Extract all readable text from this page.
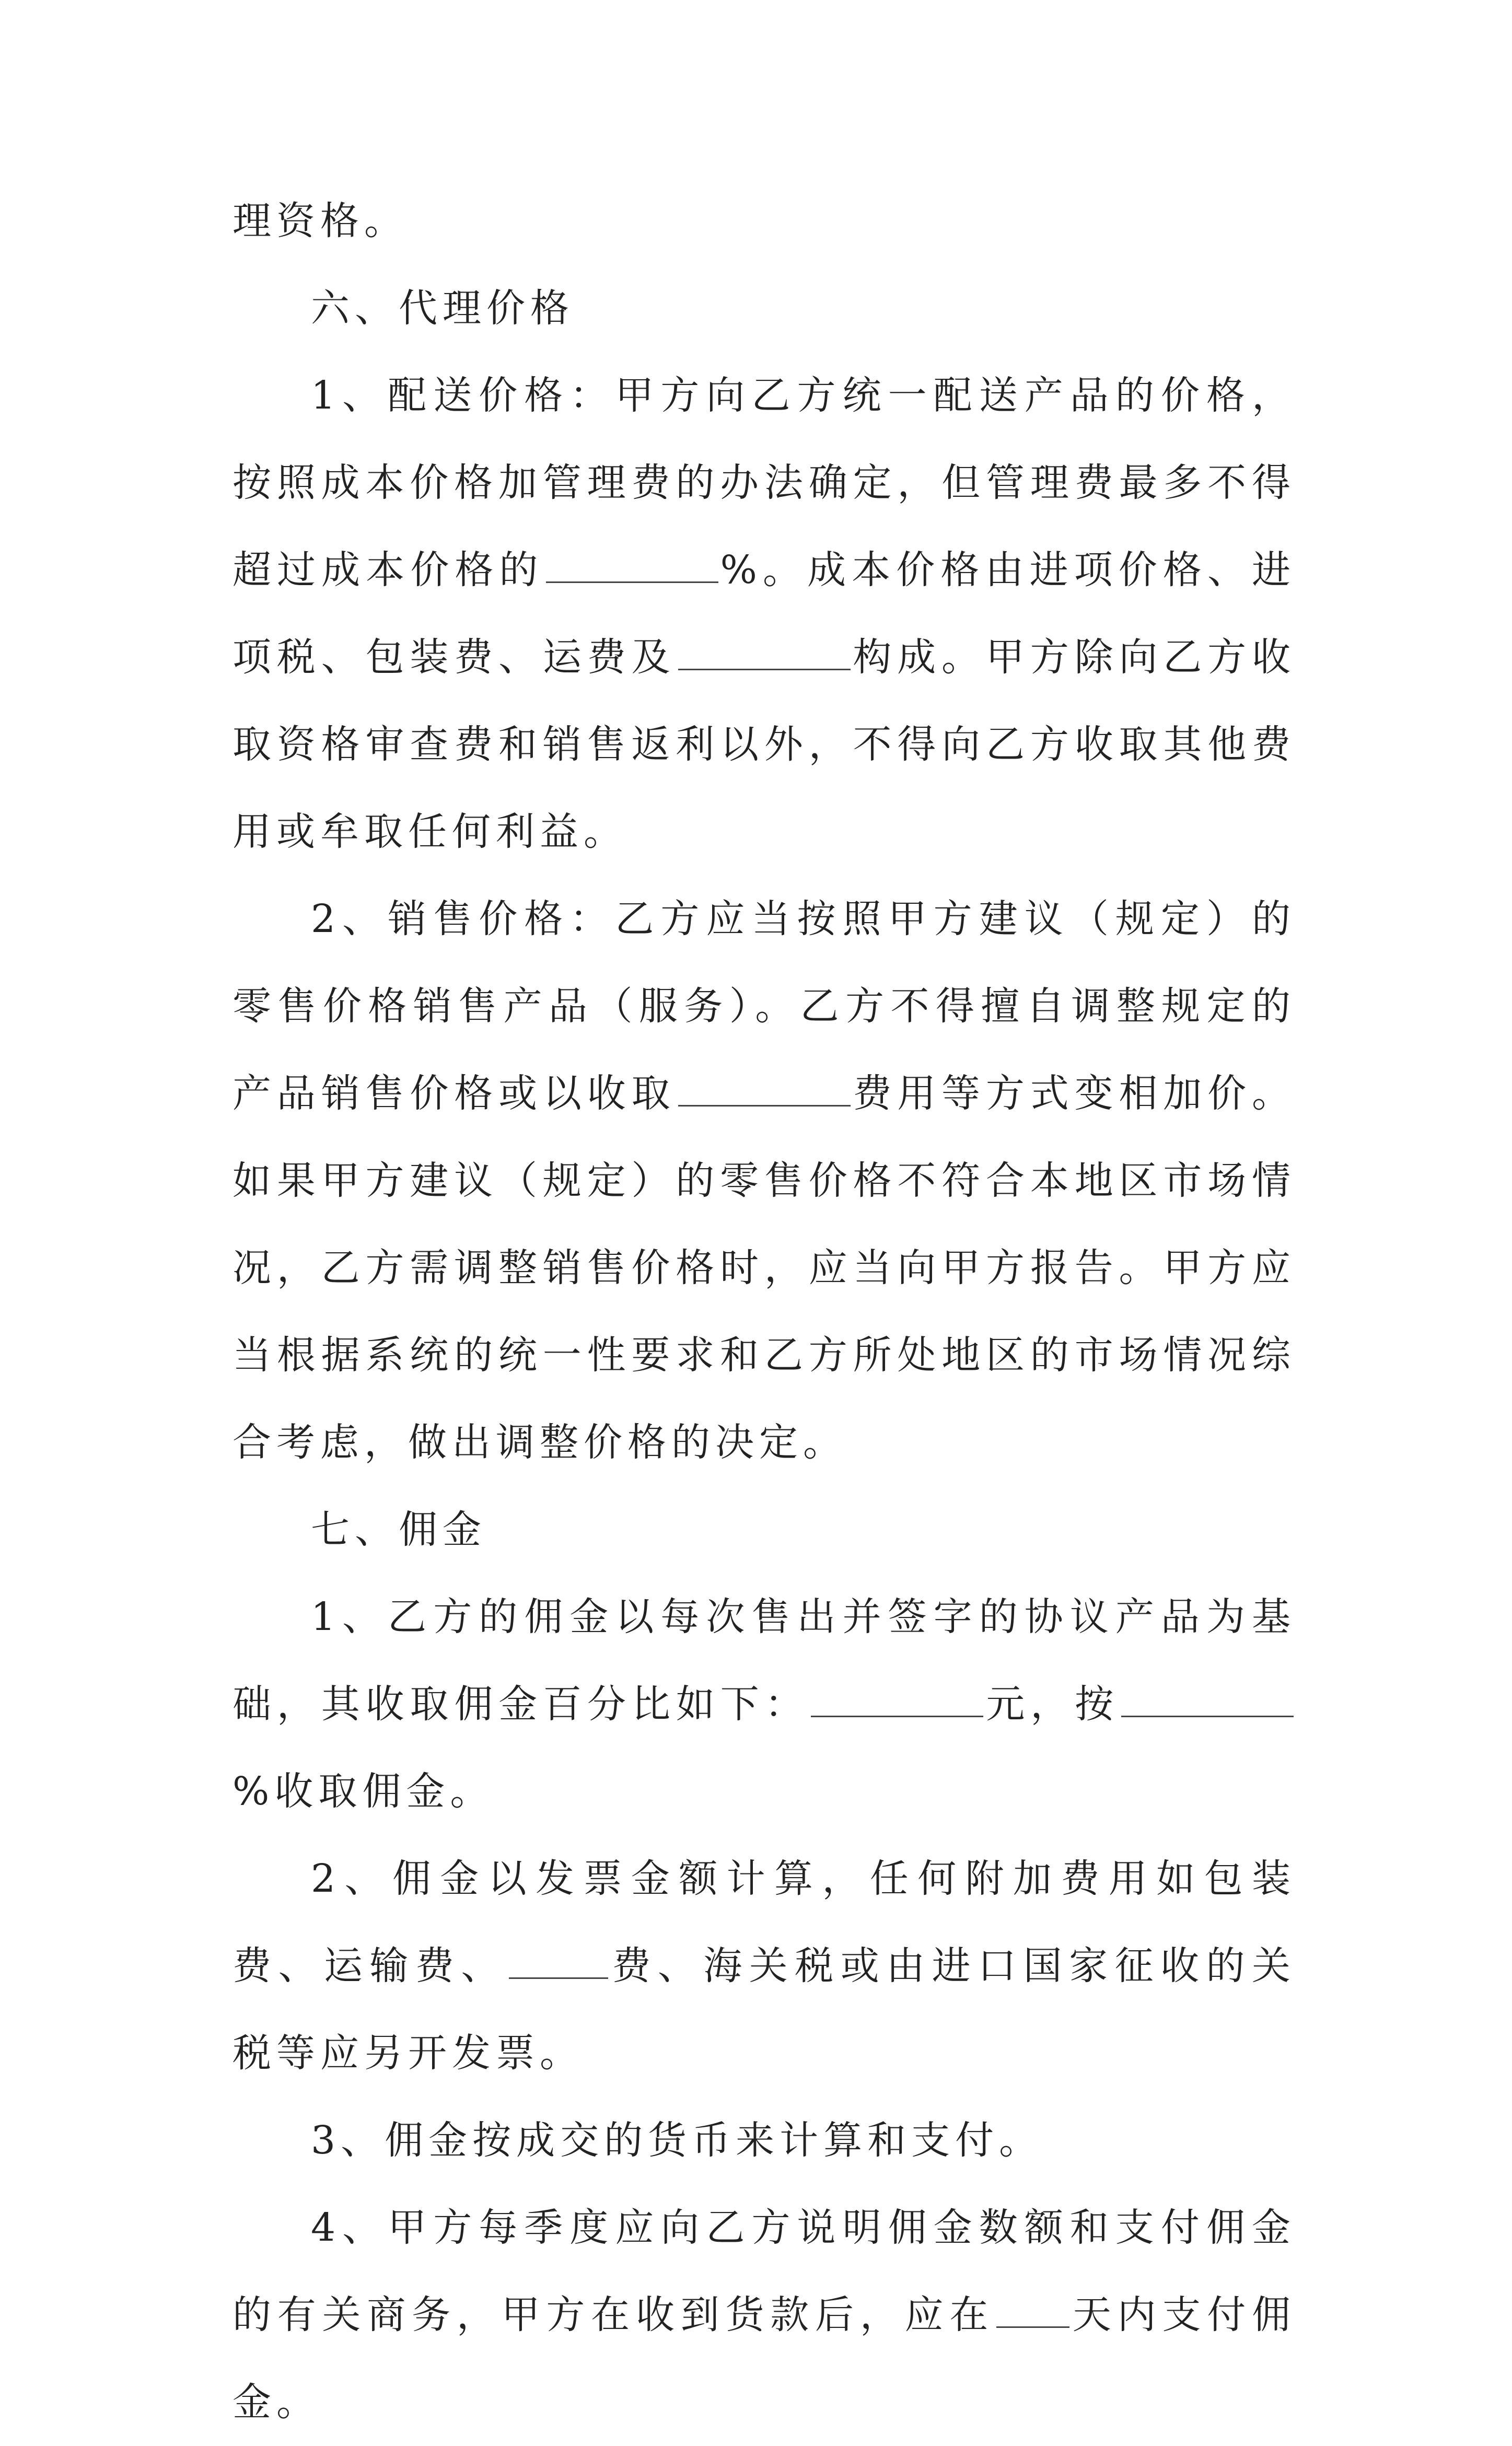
理资格。

六、代理价格

1、配送价格：甲方向乙方统一配送产品的价格，按照成本价格加管理费的办法确定，但管理费最多不得超过成本价格的	%。成本价格由进项价格、进项税、包装费、运费及	构成。甲方除向乙方收取资格审查费和销售返利以外，不得向乙方收取其他费用或牟取任何利益。

2、销售价格：乙方应当按照甲方建议（规定）的零售价格销售产品（服务）。乙方不得擅自调整规定的产品销售价格或以收取	费用等方式变相加价。如果甲方建议（规定）的零售价格不符合本地区市场情况，乙方需调整销售价格时，应当向甲方报告。甲方应当根据系统的统一性要求和乙方所处地区的市场情况综合考虑，做出调整价格的决定。

七、佣金

1、乙方的佣金以每次售出并签字的协议产品为基础，其收取佣金百分比如下：	元，按%收取佣金。

2、佣金以发票金额计算，任何附加费用如包装费、运输费、	费、海关税或由进口国家征收的关税等应另开发票。

3、佣金按成交的货币来计算和支付。

4、甲方每季度应向乙方说明佣金数额和支付佣金的有关商务，甲方在收到货款后，应在 天内支付佣金。
